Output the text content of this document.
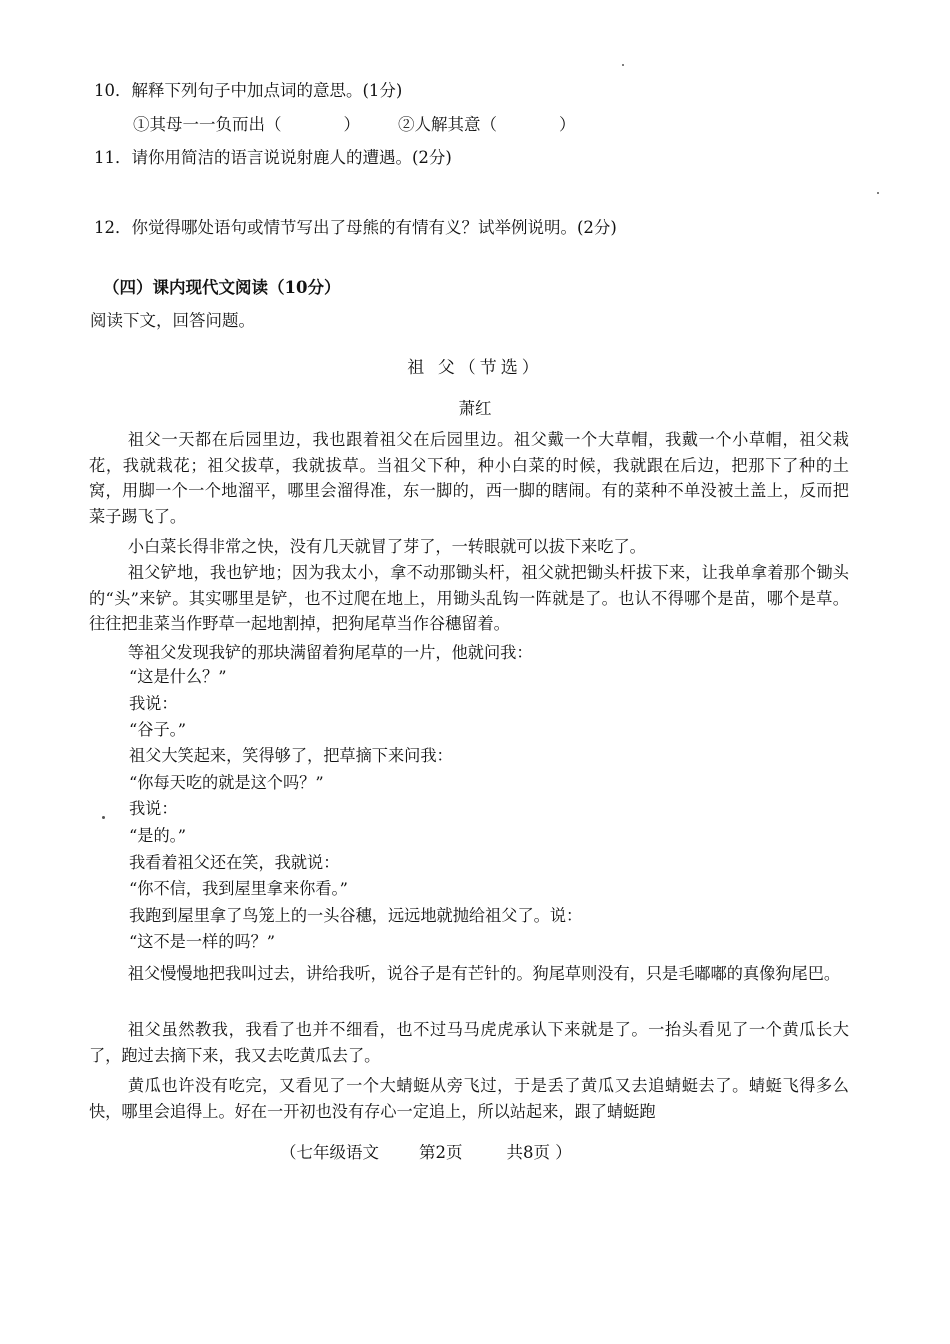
10．解释下列句子中加点词的意思。(1分)
①其母一一负而出（	） ②人解其意（	）
11．请你用简洁的语言说说射鹿人的遭遇。(2分)
12．你觉得哪处语句或情节写出了母熊的有情有义？试举例说明。(2分)
（四）课内现代文阅读（10分）
阅读下文，回答问题。
祖 父（节选）
萧红
祖父一天都在后园里边，我也跟着祖父在后园里边。祖父戴一个大草帽，我戴一个小草帽，祖父栽花，我就栽花；祖父拔草，我就拔草。当祖父下种，种小白菜的时候，我就跟在后边，把那下了种的土窝，用脚一个一个地溜平，哪里会溜得准，东一脚的，西一脚的瞎闹。有的菜种不单没被土盖上，反而把菜子踢飞了。
小白菜长得非常之快，没有几天就冒了芽了，一转眼就可以拔下来吃了。
祖父铲地，我也铲地；因为我太小，拿不动那锄头杆，祖父就把锄头杆拔下来，让我单拿着那个锄头的“头”来铲。其实哪里是铲，也不过爬在地上，用锄头乱钩一阵就是了。也认不得哪个是苗，哪个是草。往往把韭菜当作野草一起地割掉，把狗尾草当作谷穗留着。
等祖父发现我铲的那块满留着狗尾草的一片，他就问我：
“这是什么？”
我说：
“谷子。”
祖父大笑起来，笑得够了，把草摘下来问我：
“你每天吃的就是这个吗？”
我说：
“是的。”
我看着祖父还在笑，我就说：
“你不信，我到屋里拿来你看。”
我跑到屋里拿了鸟笼上的一头谷穗，远远地就抛给祖父了。说：
“这不是一样的吗？”
祖父慢慢地把我叫过去，讲给我听，说谷子是有芒针的。狗尾草则没有，只是毛嘟嘟的真像狗尾巴。
祖父虽然教我，我看了也并不细看，也不过马马虎虎承认下来就是了。一抬头看见了一个黄瓜长大了，跑过去摘下来，我又去吃黄瓜去了。
黄瓜也许没有吃完，又看见了一个大蜻蜓从旁飞过，于是丢了黄瓜又去追蜻蜓去了。蜻蜓飞得多么快，哪里会追得上。好在一开初也没有存心一定追上，所以站起来，跟了蜻蜓跑
（七年级语文 第2页	共8页 ）
